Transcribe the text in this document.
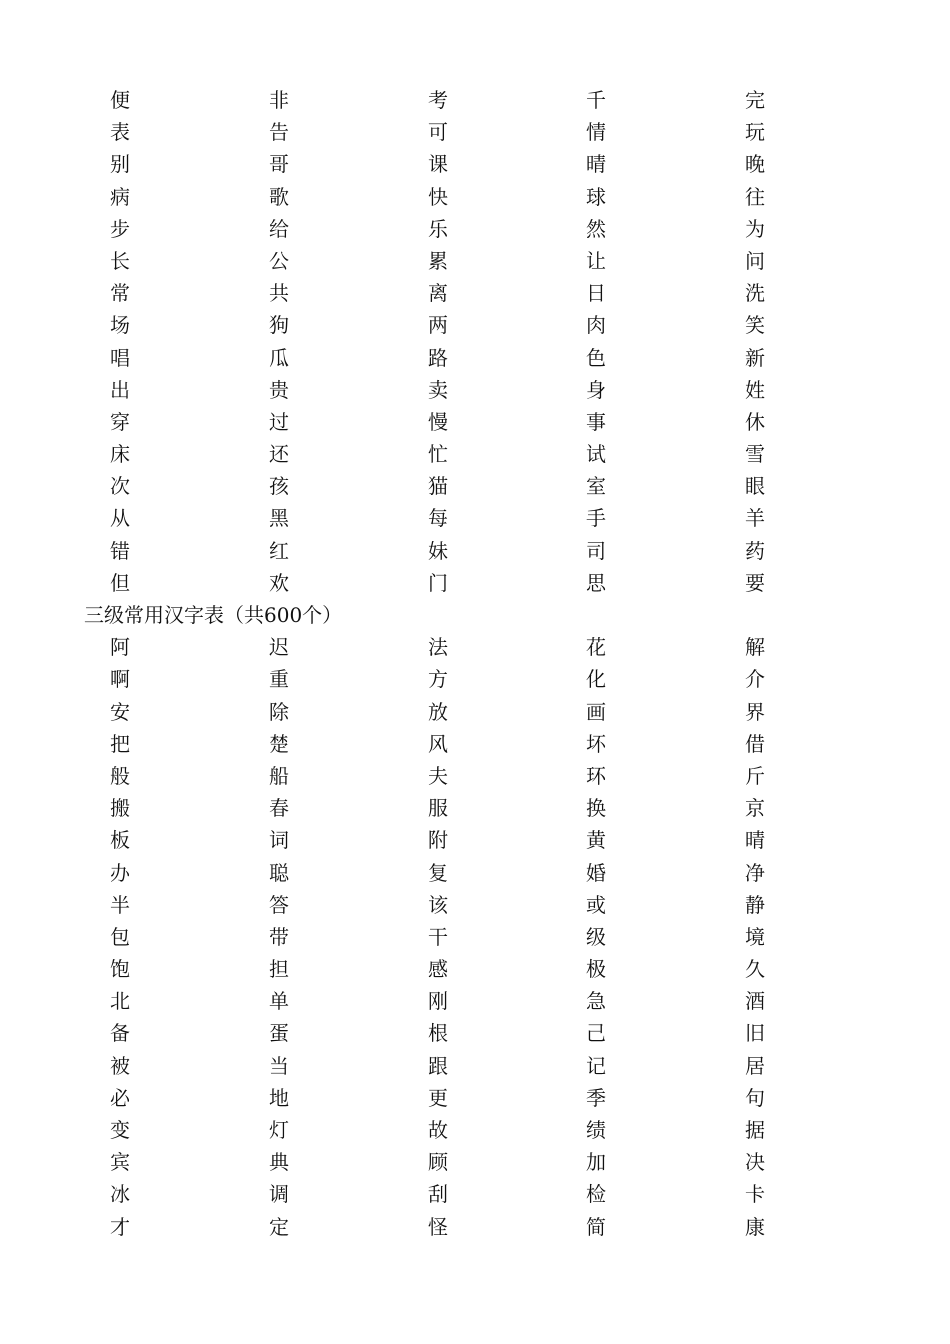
便	非	考	千	完
表	告	可	情	玩
别	哥	课	晴	晚
病	歌	快	球	往
步	给	乐	然	为
长	公	累	让	问
常	共	离	日	洗
场	狗	两	肉	笑
唱	瓜	路	色	新
出	贵	卖	身	姓
穿	过	慢	事	休
床	还	忙	试	雪
次	孩	猫	室	眼
从	黑	每	手	羊
错	红	妹	司	药
但	欢	门	思	要
三级常用汉字表（共600个）
阿	迟	法	花	解
啊	重	方	化	介
安	除	放	画	界
把	楚	风	坏	借
般	船	夫	环	斤
搬	春	服	换	京
板	词	附	黄	晴
办	聪	复	婚	净
半	答	该	或	静
包	带	干	级	境
饱	担	感	极	久
北	单	刚	急	酒
备	蛋	根	己	旧
被	当	跟	记	居
必	地	更	季	句
变	灯	故	绩	据
宾	典	顾	加	决
冰	调	刮	检	卡
才	定	怪	简	康
